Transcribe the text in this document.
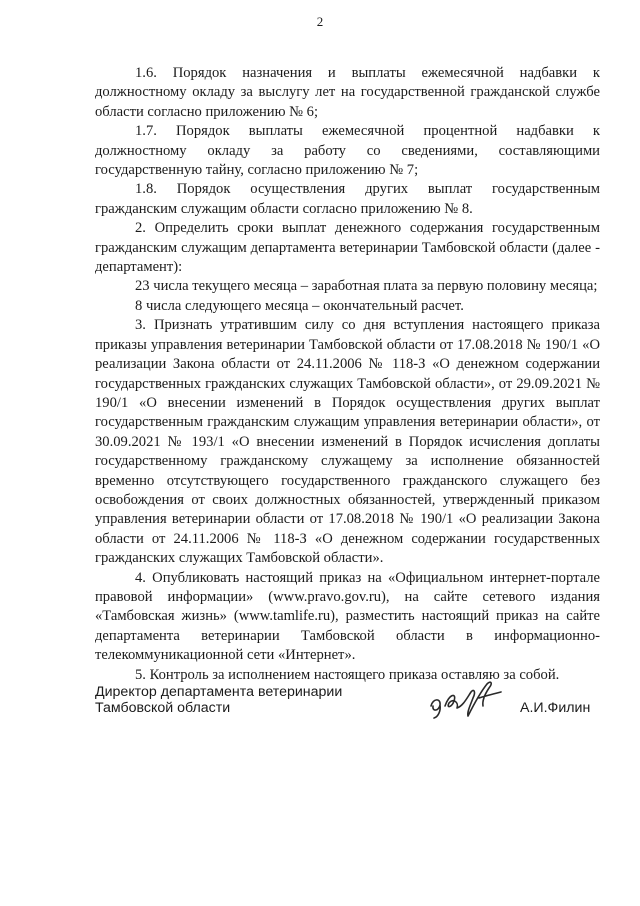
2

1.6. Порядок назначения и выплаты ежемесячной надбавки к должностному окладу за выслугу лет на государственной гражданской службе области согласно приложению № 6;

1.7. Порядок выплаты ежемесячной процентной надбавки к должностному окладу за работу со сведениями, составляющими государственную тайну, согласно приложению № 7;

1.8. Порядок осуществления других выплат государственным гражданским служащим области согласно приложению № 8.

2. Определить сроки выплат денежного содержания государственным гражданским служащим департамента ветеринарии Тамбовской области (далее - департамент):

23 числа текущего месяца – заработная плата за первую половину месяца;

8 числа следующего месяца – окончательный расчет.

3. Признать утратившим силу со дня вступления настоящего приказа приказы управления ветеринарии Тамбовской области от 17.08.2018 № 190/1 «О реализации Закона области от 24.11.2006 № 118-З «О денежном содержании государственных гражданских служащих Тамбовской области», от 29.09.2021 № 190/1 «О внесении изменений в Порядок осуществления других выплат государственным гражданским служащим управления ветеринарии области», от 30.09.2021 № 193/1 «О внесении изменений в Порядок исчисления доплаты государственному гражданскому служащему за исполнение обязанностей временно отсутствующего государственного гражданского служащего без освобождения от своих должностных обязанностей, утвержденный приказом управления ветеринарии области от 17.08.2018 № 190/1 «О реализации Закона области от 24.11.2006 № 118-З «О денежном содержании государственных гражданских служащих Тамбовской области».

4. Опубликовать настоящий приказ на «Официальном интернет-портале правовой информации» (www.pravo.gov.ru), на сайте сетевого издания «Тамбовская жизнь» (www.tamlife.ru), разместить настоящий приказ на сайте департамента ветеринарии Тамбовской области в информационно-телекоммуникационной сети «Интернет».

5. Контроль за исполнением настоящего приказа оставляю за собой.

Директор департамента ветеринарии
Тамбовской области	А.И.Филин
